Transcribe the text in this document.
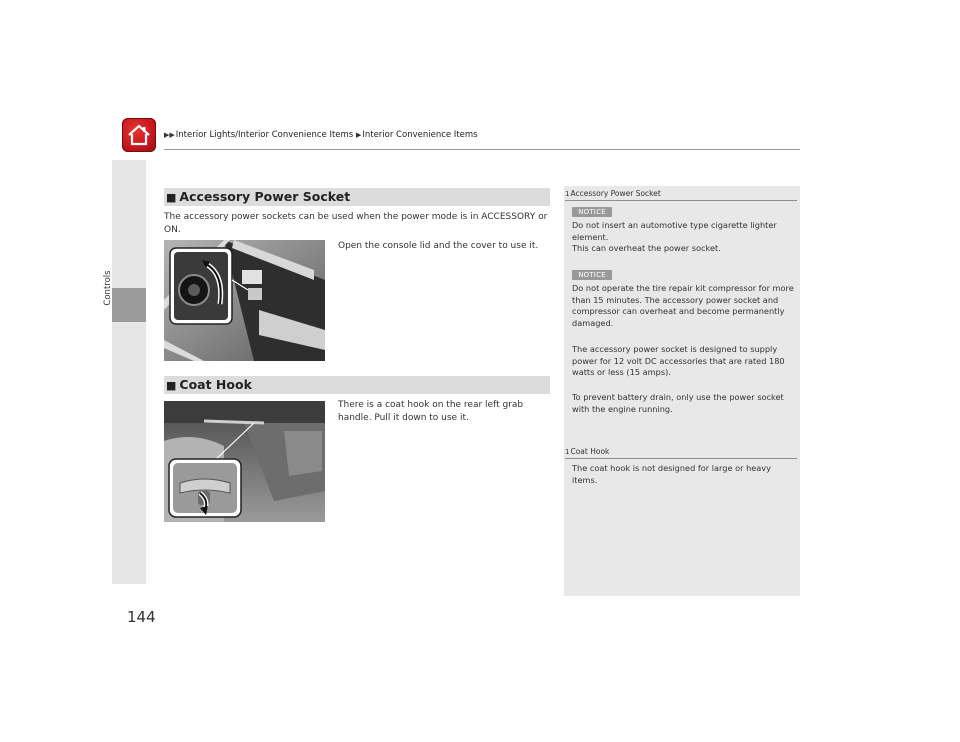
▶▶Interior Lights/Interior Convenience Items ▶Interior Convenience Items
Controls
144
■ Accessory Power Socket
The accessory power sockets can be used when the power mode is in ACCESSORY or ON.
Open the console lid and the cover to use it.
■ Coat Hook
There is a coat hook on the rear left grab handle. Pull it down to use it.
1Accessory Power Socket
NOTICE
Do not insert an automotive type cigarette lighter element.
This can overheat the power socket.
NOTICE
Do not operate the tire repair kit compressor for more than 15 minutes. The accessory power socket and compressor can overheat and become permanently damaged.
The accessory power socket is designed to supply power for 12 volt DC accessories that are rated 180 watts or less (15 amps).
To prevent battery drain, only use the power socket with the engine running.
1Coat Hook
The coat hook is not designed for large or heavy items.
